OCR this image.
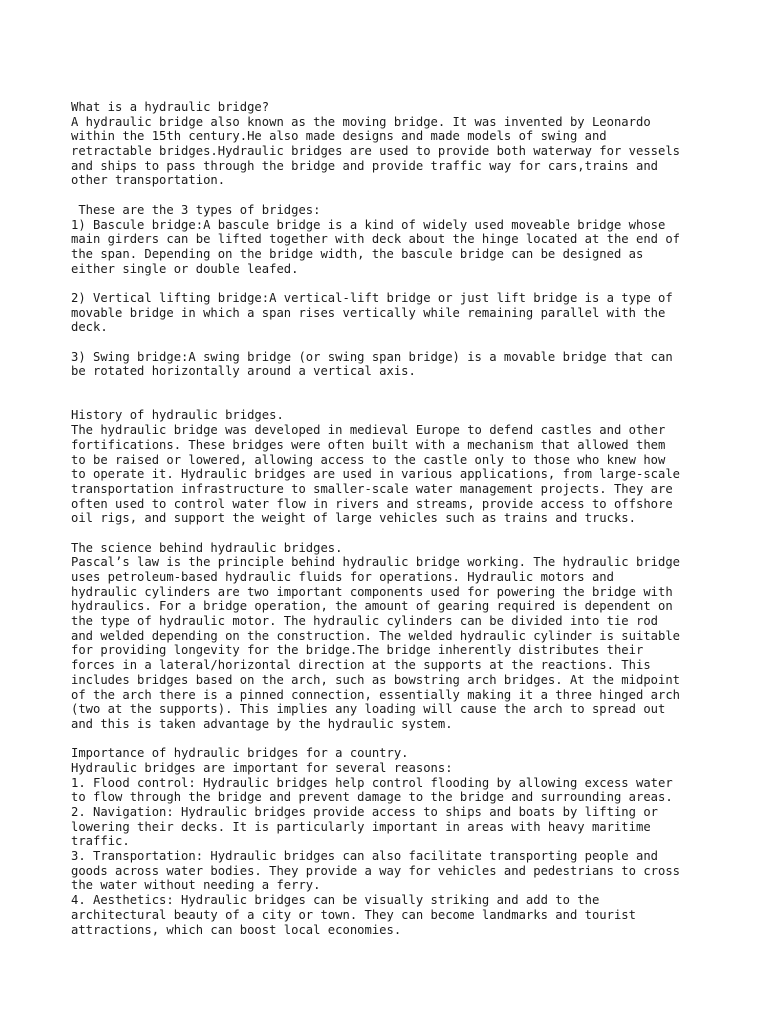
What is a hydraulic bridge?
A hydraulic bridge also known as the moving bridge. It was invented by Leonardo
within the 15th century.He also made designs and made models of swing and
retractable bridges.Hydraulic bridges are used to provide both waterway for vessels
and ships to pass through the bridge and provide traffic way for cars,trains and
other transportation.
These are the 3 types of bridges:
1) Bascule bridge:A bascule bridge is a kind of widely used moveable bridge whose
main girders can be lifted together with deck about the hinge located at the end of
the span. Depending on the bridge width, the bascule bridge can be designed as
either single or double leafed.
2) Vertical lifting bridge:A vertical-lift bridge or just lift bridge is a type of
movable bridge in which a span rises vertically while remaining parallel with the
deck.
3) Swing bridge:A swing bridge (or swing span bridge) is a movable bridge that can
be rotated horizontally around a vertical axis.
History of hydraulic bridges.
The hydraulic bridge was developed in medieval Europe to defend castles and other
fortifications. These bridges were often built with a mechanism that allowed them
to be raised or lowered, allowing access to the castle only to those who knew how
to operate it. Hydraulic bridges are used in various applications, from large-scale
transportation infrastructure to smaller-scale water management projects. They are
often used to control water flow in rivers and streams, provide access to offshore
oil rigs, and support the weight of large vehicles such as trains and trucks.
The science behind hydraulic bridges.
Pascal’s law is the principle behind hydraulic bridge working. The hydraulic bridge
uses petroleum-based hydraulic fluids for operations. Hydraulic motors and
hydraulic cylinders are two important components used for powering the bridge with
hydraulics. For a bridge operation, the amount of gearing required is dependent on
the type of hydraulic motor. The hydraulic cylinders can be divided into tie rod
and welded depending on the construction. The welded hydraulic cylinder is suitable
for providing longevity for the bridge.The bridge inherently distributes their
forces in a lateral/horizontal direction at the supports at the reactions. This
includes bridges based on the arch, such as bowstring arch bridges. At the midpoint
of the arch there is a pinned connection, essentially making it a three hinged arch
(two at the supports). This implies any loading will cause the arch to spread out
and this is taken advantage by the hydraulic system.
Importance of hydraulic bridges for a country.
Hydraulic bridges are important for several reasons:
1. Flood control: Hydraulic bridges help control flooding by allowing excess water
to flow through the bridge and prevent damage to the bridge and surrounding areas.
2. Navigation: Hydraulic bridges provide access to ships and boats by lifting or
lowering their decks. It is particularly important in areas with heavy maritime
traffic.
3. Transportation: Hydraulic bridges can also facilitate transporting people and
goods across water bodies. They provide a way for vehicles and pedestrians to cross
the water without needing a ferry.
4. Aesthetics: Hydraulic bridges can be visually striking and add to the
architectural beauty of a city or town. They can become landmarks and tourist
attractions, which can boost local economies.
